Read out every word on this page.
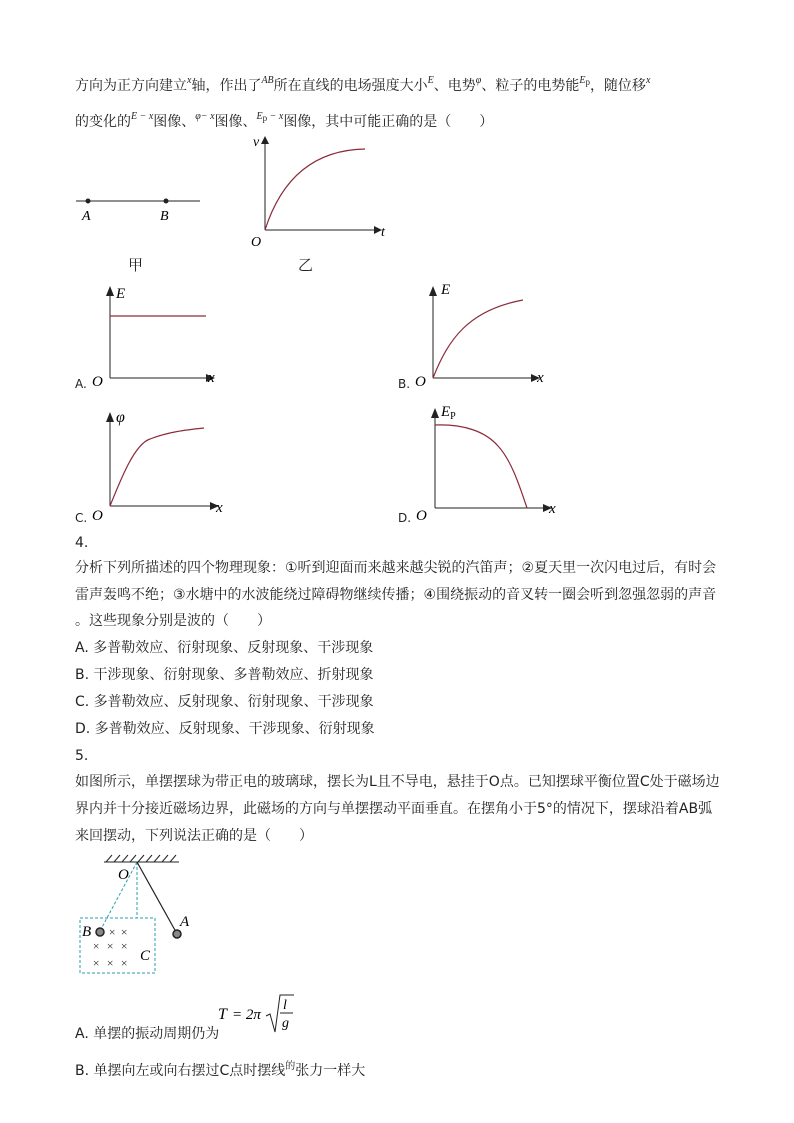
方向为正方向建立$^x$轴，作出了$^{AB}$所在直线的电场强度大小$^E$、电势$^\varphi$、粒子的电势能$^{Ep}$，随位移$^x$
的变化的$^{E - x}$图像、$^{\varphi- x}$图像、$^{Ep - x}$图像，其中可能正确的是（　　）
A	B
甲
v
t
O
乙
A.
E
x
O	B.
E
x
O
C.
φ
x
O	D.
$E_P$
x
O
4.
分析下列所描述的四个物理现象：①听到迎面而来越来越尖锐的汽笛声；②夏天里一次闪电过后，有时会
雷声轰鸣不绝；③水塘中的水波能绕过障碍物继续传播；④围绕振动的音叉转一圈会听到忽强忽弱的声音
。这些现象分别是波的（　　）
A. 多普勒效应、衍射现象、反射现象、干涉现象
B. 干涉现象、衍射现象、多普勒效应、折射现象
C. 多普勒效应、反射现象、衍射现象、干涉现象
D. 多普勒效应、反射现象、干涉现象、衍射现象
5.
如图所示，单摆摆球为带正电的玻璃球，摆长为L且不导电，悬挂于O点。已知摆球平衡位置C处于磁场边
界内并十分接近磁场边界，此磁场的方向与单摆摆动平面垂直。在摆角小于5°的情况下，摆球沿着AB弧
来回摆动，下列说法正确的是（　　）
× ×
× × ×
× × ×
O
A
B
C
A. 单摆的振动周期仍为
T = 2π
l
g
B. 单摆向左或向右摆过C点时摆线$^的$张力一样大
